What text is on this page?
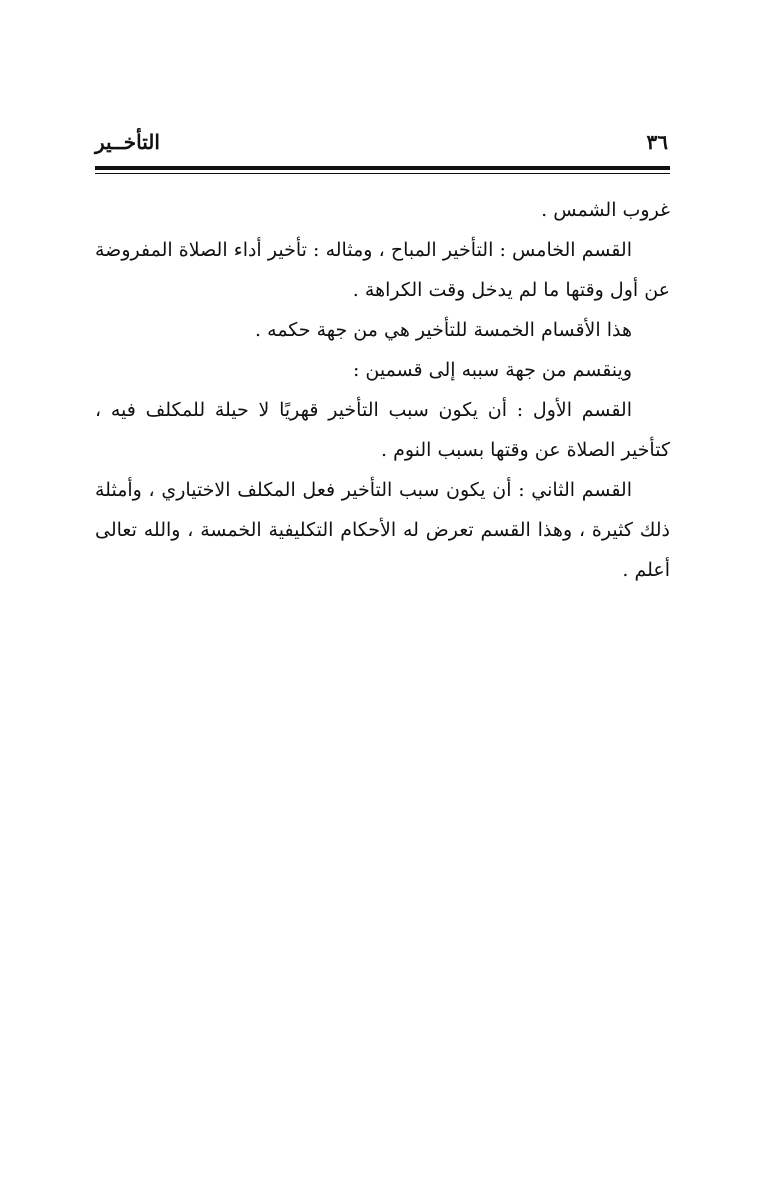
التأخــير	٣٦

غروب الشمس .

القسم الخامس : التأخير المباح ، ومثاله : تأخير أداء الصلاة المفروضة عن أول وقتها ما لم يدخل وقت الكراهة .

هذا الأقسام الخمسة للتأخير هي من جهة حكمه .

وينقسم من جهة سببه إلى قسمين :

القسم الأول : أن يكون سبب التأخير قهريًا لا حيلة للمكلف فيه ، كتأخير الصلاة عن وقتها بسبب النوم .

القسم الثاني : أن يكون سبب التأخير فعل المكلف الاختياري ، وأمثلة ذلك كثيرة ، وهذا القسم تعرض له الأحكام التكليفية الخمسة ، والله تعالى أعلم .
